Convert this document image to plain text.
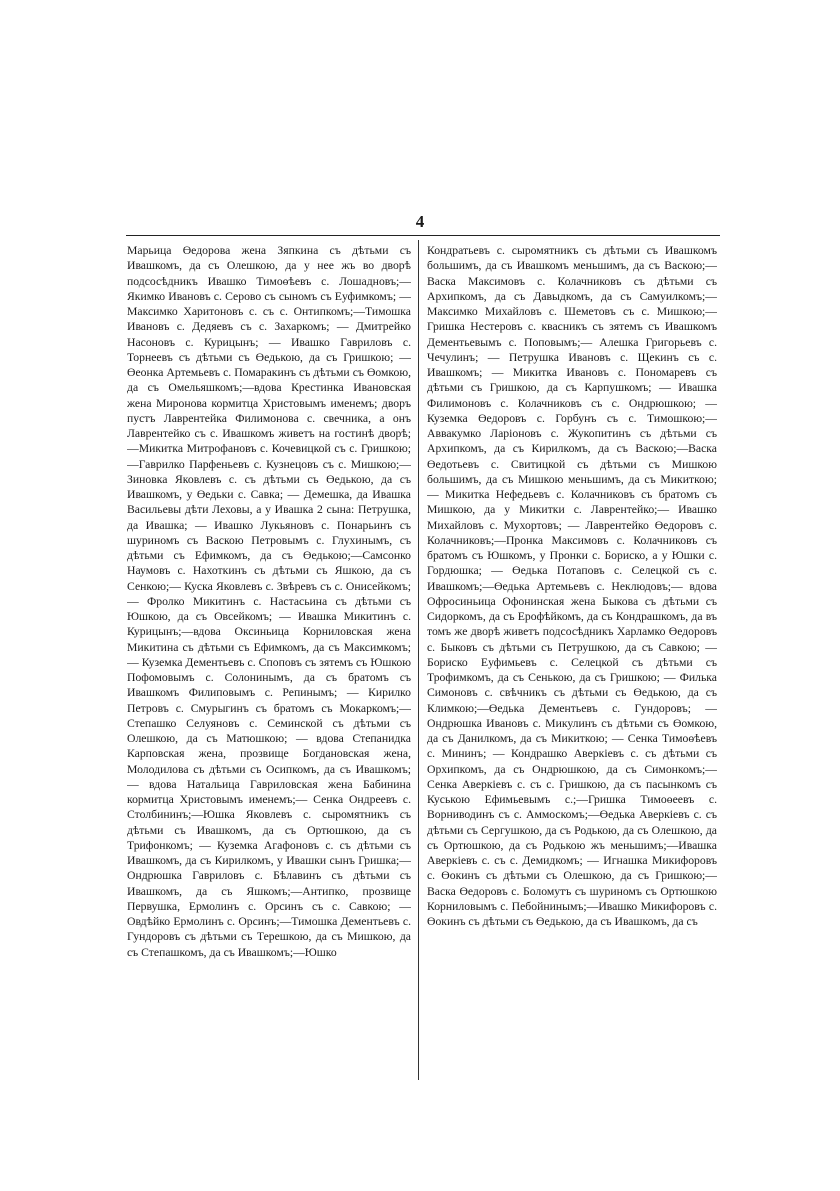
4

Марьица Өедорова жена Зяпкина съ дѣтьми съ Ивашкомъ, да съ Олешкою, да у нее жъ во дворѣ подсосѣдникъ Ивашко Тимоөѣевъ с. Лошадновъ;— Якимко Ивановъ с. Серово съ сыномъ съ Еуфимкомъ; — Максимко Харитоновъ с. съ с. Онтипкомъ;—Тимошка Ивановъ с. Дедяевъ съ с. Захаркомъ; — Дмитрейко Насоновъ с. Курицынъ; — Ивашко Гавриловъ с. Торнеевъ съ дѣтьми съ Өедькою, да съ Гришкою; — Өеонка Артемьевъ с. Помаракинъ съ дѣтьми съ Өомкою, да съ Омельяшкомъ;—вдова Крестинка Ивановская жена Миронова кормитца Христовымъ именемъ; дворъ пустъ Лаврентейка Филимонова с. свечника, а онъ Лаврентейко съ с. Ивашкомъ живетъ на гостинѣ дворѣ;—Микитка Митрофановъ с. Кочевицкой съ с. Гришкою;—Гаврилко Парфеньевъ с. Кузнецовъ съ с. Мишкою;—Зиновка Яковлевъ с. съ дѣтьми съ Өедькою, да съ Ивашкомъ, у Өедьки с. Савка; — Демешка, да Ивашка Васильевы дѣти Леховы, а у Ивашка 2 сына: Петрушка, да Ивашка; — Ивашко Лукьяновъ с. Понарьинъ съ шуриномъ съ Васкою Петровымъ с. Глухинымъ, съ дѣтьми съ Ефимкомъ, да съ Өедькою;—Самсонко Наумовъ с. Нахоткинъ съ дѣтьми съ Яшкою, да съ Сенкою;— Куска Яковлевъ с. Звѣревъ съ с. Онисейкомъ;— Фролко Микитинъ с. Настасьина съ дѣтьми съ Юшкою, да съ Овсейкомъ; — Ивашка Микитинъ с. Курицынъ;—вдова Оксиньица Корниловская жена Микитина съ дѣтьми съ Ефимкомъ, да съ Максимкомъ; — Куземка Дементьевъ с. Споповъ съ зятемъ съ Юшкою Пофомовымъ с. Солонинымъ, да съ братомъ съ Ивашкомъ Филиповымъ с. Репинымъ; — Кирилко Петровъ с. Смурыгинъ съ братомъ съ Мокаркомъ;—Степашко Селуяновъ с. Семинской съ дѣтьми съ Олешкою, да съ Матюшкою; — вдова Степанидка Карповская жена, прозвище Богдановская жена, Молодилова съ дѣтьми съ Осипкомъ, да съ Ивашкомъ; — вдова Натальица Гавриловская жена Бабинина кормитца Христовымъ именемъ;— Сенка Ондреевъ с. Столбининъ;—Юшка Яковлевъ с. сыромятникъ съ дѣтьми съ Ивашкомъ, да съ Ортюшкою, да съ Трифонкомъ; — Куземка Агафоновъ с. съ дѣтьми съ Ивашкомъ, да съ Кирилкомъ, у Ивашки сынъ Гришка;—Ондрюшка Гавриловъ с. Бѣлавинъ съ дѣтьми съ Ивашкомъ, да съ Яшкомъ;—Антипко, прозвище Первушка, Ермолинъ с. Орсинъ съ с. Савкою; — Овдѣйко Ермолинъ с. Орсинъ;—Тимошка Дементьевъ с. Гундоровъ съ дѣтьми съ Терешкою, да съ Мишкою, да съ Степашкомъ, да съ Ивашкомъ;—Юшко

Кондратьевъ с. сыромятникъ съ дѣтьми съ Ивашкомъ большимъ, да съ Ивашкомъ меньшимъ, да съ Васкою;—Васка Максимовъ с. Колачниковъ съ дѣтьми съ Архипкомъ, да съ Давыдкомъ, да съ Самуилкомъ;—Максимко Михайловъ с. Шеметовъ съ с. Мишкою;—Гришка Нестеровъ с. квасникъ съ зятемъ съ Ивашкомъ Дементьевымъ с. Поповымъ;— Алешка Григорьевъ с. Чечулинъ; — Петрушка Ивановъ с. Щекинъ съ с. Ивашкомъ; — Микитка Ивановъ с. Пономаревъ съ дѣтьми съ Гришкою, да съ Карпушкомъ; — Ивашка Филимоновъ с. Колачниковъ съ с. Ондрюшкою; — Куземка Өедоровъ с. Горбунъ съ с. Тимошкою;—Аввакумко Ларіоновъ с. Жукопитинъ съ дѣтьми съ Архипкомъ, да съ Кирилкомъ, да съ Васкою;—Васка Өедотьевъ с. Свитицкой съ дѣтьми съ Мишкою большимъ, да съ Мишкою меньшимъ, да съ Микиткою; — Микитка Нефедьевъ с. Колачниковъ съ братомъ съ Мишкою, да у Микитки с. Лаврентейко;— Ивашко Михайловъ с. Мухортовъ; — Лаврентейко Өедоровъ с. Колачниковъ;—Пронка Максимовъ с. Колачниковъ съ братомъ съ Юшкомъ, у Пронки с. Бориско, а у Юшки с. Гордюшка; — Өедька Потаповъ с. Селецкой съ с. Ивашкомъ;—Өедька Артемьевъ с. Неклюдовъ;— вдова Офросиньица Офонинская жена Быкова съ дѣтьми съ Сидоркомъ, да съ Ерофѣйкомъ, да съ Кондрашкомъ, да въ томъ же дворѣ живетъ подсосѣдникъ Харламко Өедоровъ с. Быковъ съ дѣтьми съ Петрушкою, да съ Савкою; — Бориско Еуфимьевъ с. Селецкой съ дѣтьми съ Трофимкомъ, да съ Сенькою, да съ Гришкою; — Филька Симоновъ с. свѣчникъ съ дѣтьми съ Өедькою, да съ Климкою;—Өедька Дементьевъ с. Гундоровъ; — Ондрюшка Ивановъ с. Микулинъ съ дѣтьми съ Өомкою, да съ Данилкомъ, да съ Микиткою; — Сенка Тимоөѣевъ с. Мининъ; — Кондрашко Аверкіевъ с. съ дѣтьми съ Орхипкомъ, да съ Ондрюшкою, да съ Симонкомъ;—Сенка Аверкіевъ с. съ с. Гришкою, да съ пасынкомъ съ Куською Ефимьевымъ с.;—Гришка Тимоөеевъ с. Ворниводинъ съ с. Аммоскомъ;—Өедька Аверкіевъ с. съ дѣтьми съ Сергушкою, да съ Родькою, да съ Олешкою, да съ Ортюшкою, да съ Родькою жъ меньшимъ;—Ивашка Аверкіевъ с. съ с. Демидкомъ; — Игнашка Микифоровъ с. Өокинъ съ дѣтьми съ Олешкою, да съ Гришкою;—Васка Өедоровъ с. Боломутъ съ шуриномъ съ Ортюшкою Корниловымъ с. Пебойнинымъ;—Ивашко Микифоровъ с. Өокинъ съ дѣтьми съ Өедькою, да съ Ивашкомъ, да съ
